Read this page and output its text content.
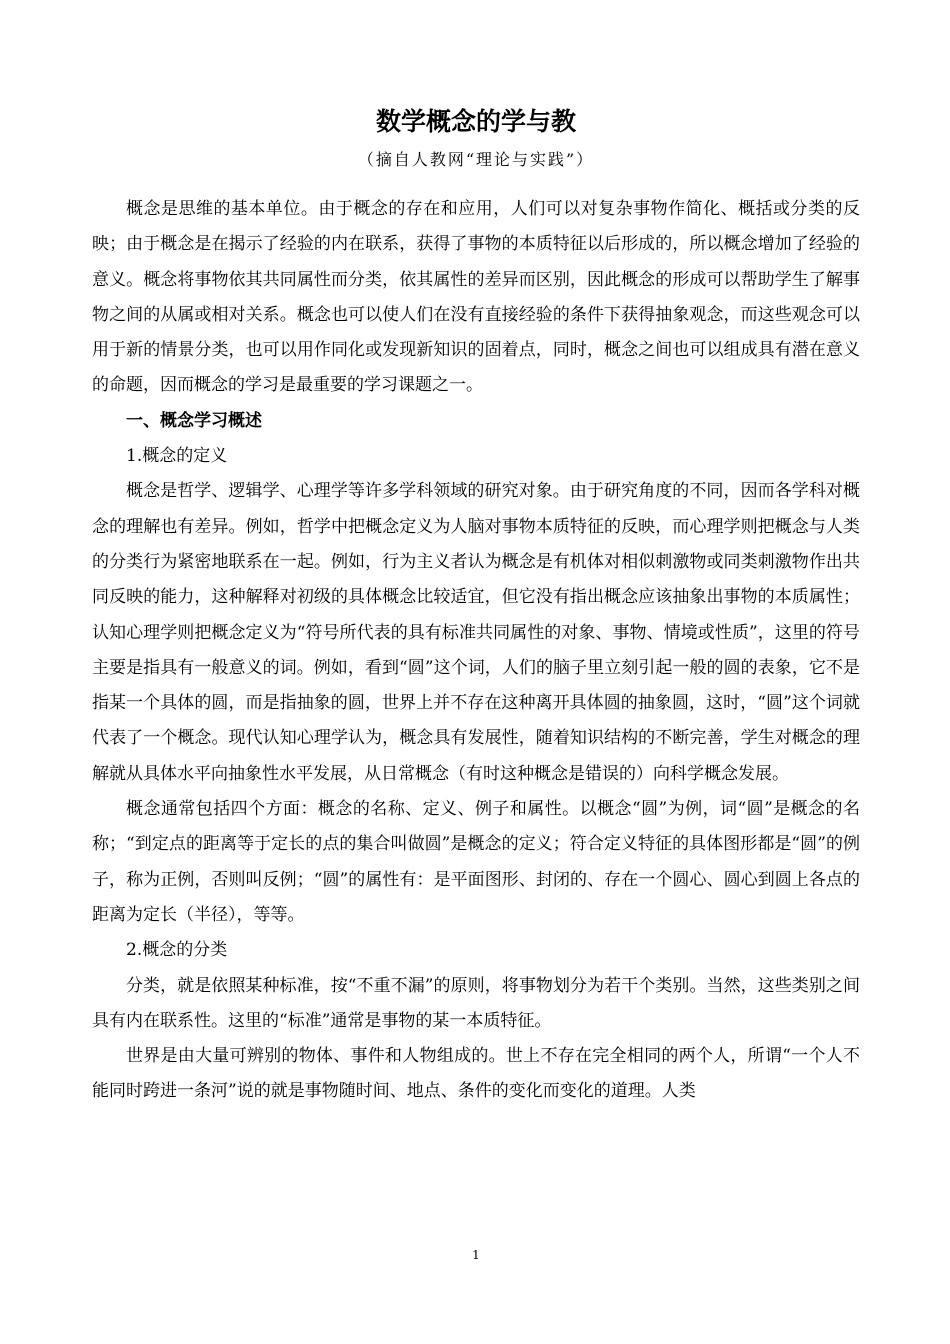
数学概念的学与教

（摘自人教网“理论与实践”）

概念是思维的基本单位。由于概念的存在和应用，人们可以对复杂事物作简化、概括或分类的反映；由于概念是在揭示了经验的内在联系，获得了事物的本质特征以后形成的，所以概念增加了经验的意义。概念将事物依其共同属性而分类，依其属性的差异而区别，因此概念的形成可以帮助学生了解事物之间的从属或相对关系。概念也可以使人们在没有直接经验的条件下获得抽象观念，而这些观念可以用于新的情景分类，也可以用作同化或发现新知识的固着点，同时，概念之间也可以组成具有潜在意义的命题，因而概念的学习是最重要的学习课题之一。

一、概念学习概述

1.概念的定义

概念是哲学、逻辑学、心理学等许多学科领域的研究对象。由于研究角度的不同，因而各学科对概念的理解也有差异。例如，哲学中把概念定义为人脑对事物本质特征的反映，而心理学则把概念与人类的分类行为紧密地联系在一起。例如，行为主义者认为概念是有机体对相似刺激物或同类刺激物作出共同反映的能力，这种解释对初级的具体概念比较适宜，但它没有指出概念应该抽象出事物的本质属性；认知心理学则把概念定义为“符号所代表的具有标准共同属性的对象、事物、情境或性质”，这里的符号主要是指具有一般意义的词。例如，看到“圆”这个词，人们的脑子里立刻引起一般的圆的表象，它不是指某一个具体的圆，而是指抽象的圆，世界上并不存在这种离开具体圆的抽象圆，这时，“圆”这个词就代表了一个概念。现代认知心理学认为，概念具有发展性，随着知识结构的不断完善，学生对概念的理解就从具体水平向抽象性水平发展，从日常概念（有时这种概念是错误的）向科学概念发展。

概念通常包括四个方面：概念的名称、定义、例子和属性。以概念“圆”为例，词“圆”是概念的名称；“到定点的距离等于定长的点的集合叫做圆”是概念的定义；符合定义特征的具体图形都是“圆”的例子，称为正例，否则叫反例；“圆”的属性有：是平面图形、封闭的、存在一个圆心、圆心到圆上各点的距离为定长（半径），等等。

2.概念的分类

分类，就是依照某种标准，按“不重不漏”的原则，将事物划分为若干个类别。当然，这些类别之间具有内在联系性。这里的“标准”通常是事物的某一本质特征。

世界是由大量可辨别的物体、事件和人物组成的。世上不存在完全相同的两个人，所谓“一个人不能同时跨进一条河”说的就是事物随时间、地点、条件的变化而变化的道理。人类

1
